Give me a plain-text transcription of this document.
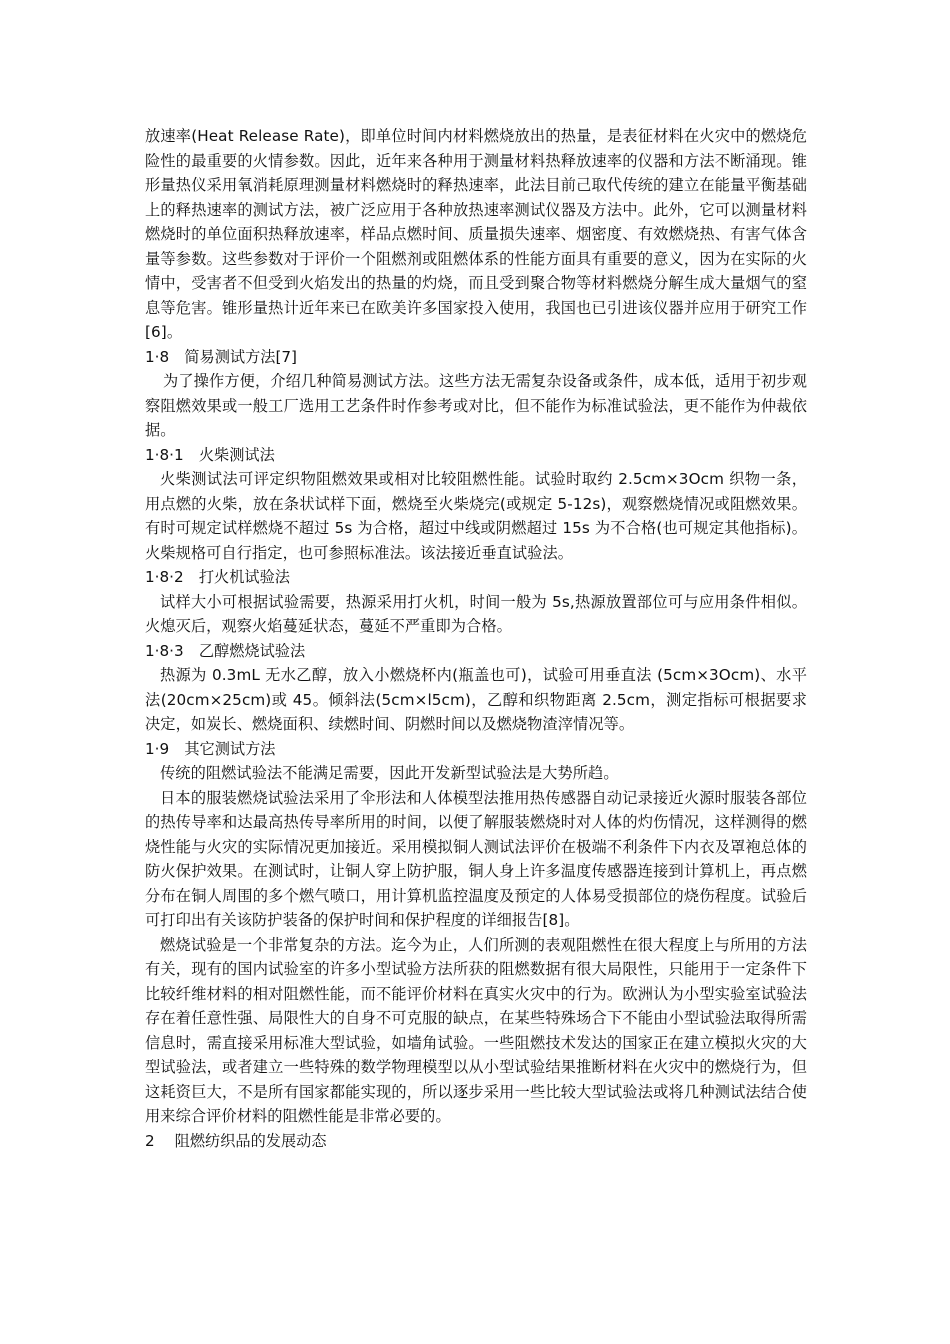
放速率(Heat Release Rate)，即单位时间内材料燃烧放出的热量，是表征材料在火灾中的燃烧危险性的最重要的火情参数。因此，近年来各种用于测量材料热释放速率的仪器和方法不断涌现。锥形量热仪采用氧消耗原理测量材料燃烧时的释热速率，此法目前己取代传统的建立在能量平衡基础上的释热速率的测试方法，被广泛应用于各种放热速率测试仪器及方法中。此外，它可以测量材料燃烧时的单位面积热释放速率，样品点燃时间、质量损失速率、烟密度、有效燃烧热、有害气体含量等参数。这些参数对于评价一个阻燃剂或阻燃体系的性能方面具有重要的意义，因为在实际的火情中，受害者不但受到火焰发出的热量的灼烧，而且受到聚合物等材料燃烧分解生成大量烟气的窒息等危害。锥形量热计近年来已在欧美许多国家投入使用，我国也已引进该仪器并应用于研究工作[6]。

1·8　简易测试方法[7]

为了操作方便，介绍几种简易测试方法。这些方法无需复杂设备或条件，成本低，适用于初步观察阻燃效果或一般工厂选用工艺条件时作参考或对比，但不能作为标准试验法，更不能作为仲裁依据。

1·8·1　火柴测试法

火柴测试法可评定织物阻燃效果或相对比较阻燃性能。试验时取约 2.5cm×3Ocm 织物一条，用点燃的火柴，放在条状试样下面，燃烧至火柴烧完(或规定 5-12s)，观察燃烧情况或阻燃效果。有时可规定试样燃烧不超过 5s 为合格，超过中线或阴燃超过 15s 为不合格(也可规定其他指标)。火柴规格可自行指定，也可参照标准法。该法接近垂直试验法。

1·8·2　打火机试验法

试样大小可根据试验需要，热源采用打火机，时间一般为 5s,热源放置部位可与应用条件相似。火熄灭后，观察火焰蔓延状态，蔓延不严重即为合格。

1·8·3　乙醇燃烧试验法

热源为 0.3mL 无水乙醇，放入小燃烧杯内(瓶盖也可)，试验可用垂直法 (5cm×3Ocm)、水平法(20cm×25cm)或 45。倾斜法(5cm×l5cm)，乙醇和织物距离 2.5cm，测定指标可根据要求决定，如炭长、燃烧面积、续燃时间、阴燃时间以及燃烧物渣滓情况等。

1·9　其它测试方法

传统的阻燃试验法不能满足需要，因此开发新型试验法是大势所趋。

日本的服装燃烧试验法采用了伞形法和人体模型法推用热传感器自动记录接近火源时服装各部位的热传导率和达最高热传导率所用的时间，以便了解服装燃烧时对人体的灼伤情况，这样测得的燃烧性能与火灾的实际情况更加接近。采用模拟铜人测试法评价在极端不利条件下内衣及罩袍总体的防火保护效果。在测试时，让铜人穿上防护服，铜人身上许多温度传感器连接到计算机上，再点燃分布在铜人周围的多个燃气喷口，用计算机监控温度及预定的人体易受损部位的烧伤程度。试验后可打印出有关该防护装备的保护时间和保护程度的详细报告[8]。

燃烧试验是一个非常复杂的方法。迄今为止，人们所测的表观阻燃性在很大程度上与所用的方法有关，现有的国内试验室的许多小型试验方法所获的阻燃数据有很大局限性，只能用于一定条件下比较纤维材料的相对阻燃性能，而不能评价材料在真实火灾中的行为。欧洲认为小型实验室试验法存在着任意性强、局限性大的自身不可克服的缺点，在某些特殊场合下不能由小型试验法取得所需信息时，需直接采用标准大型试验，如墙角试验。一些阻燃技术发达的国家正在建立模拟火灾的大型试验法，或者建立一些特殊的数学物理模型以从小型试验结果推断材料在火灾中的燃烧行为，但这耗资巨大，不是所有国家都能实现的，所以逐步采用一些比较大型试验法或将几种测试法结合使用来综合评价材料的阻燃性能是非常必要的。

2　 阻燃纺织品的发展动态
